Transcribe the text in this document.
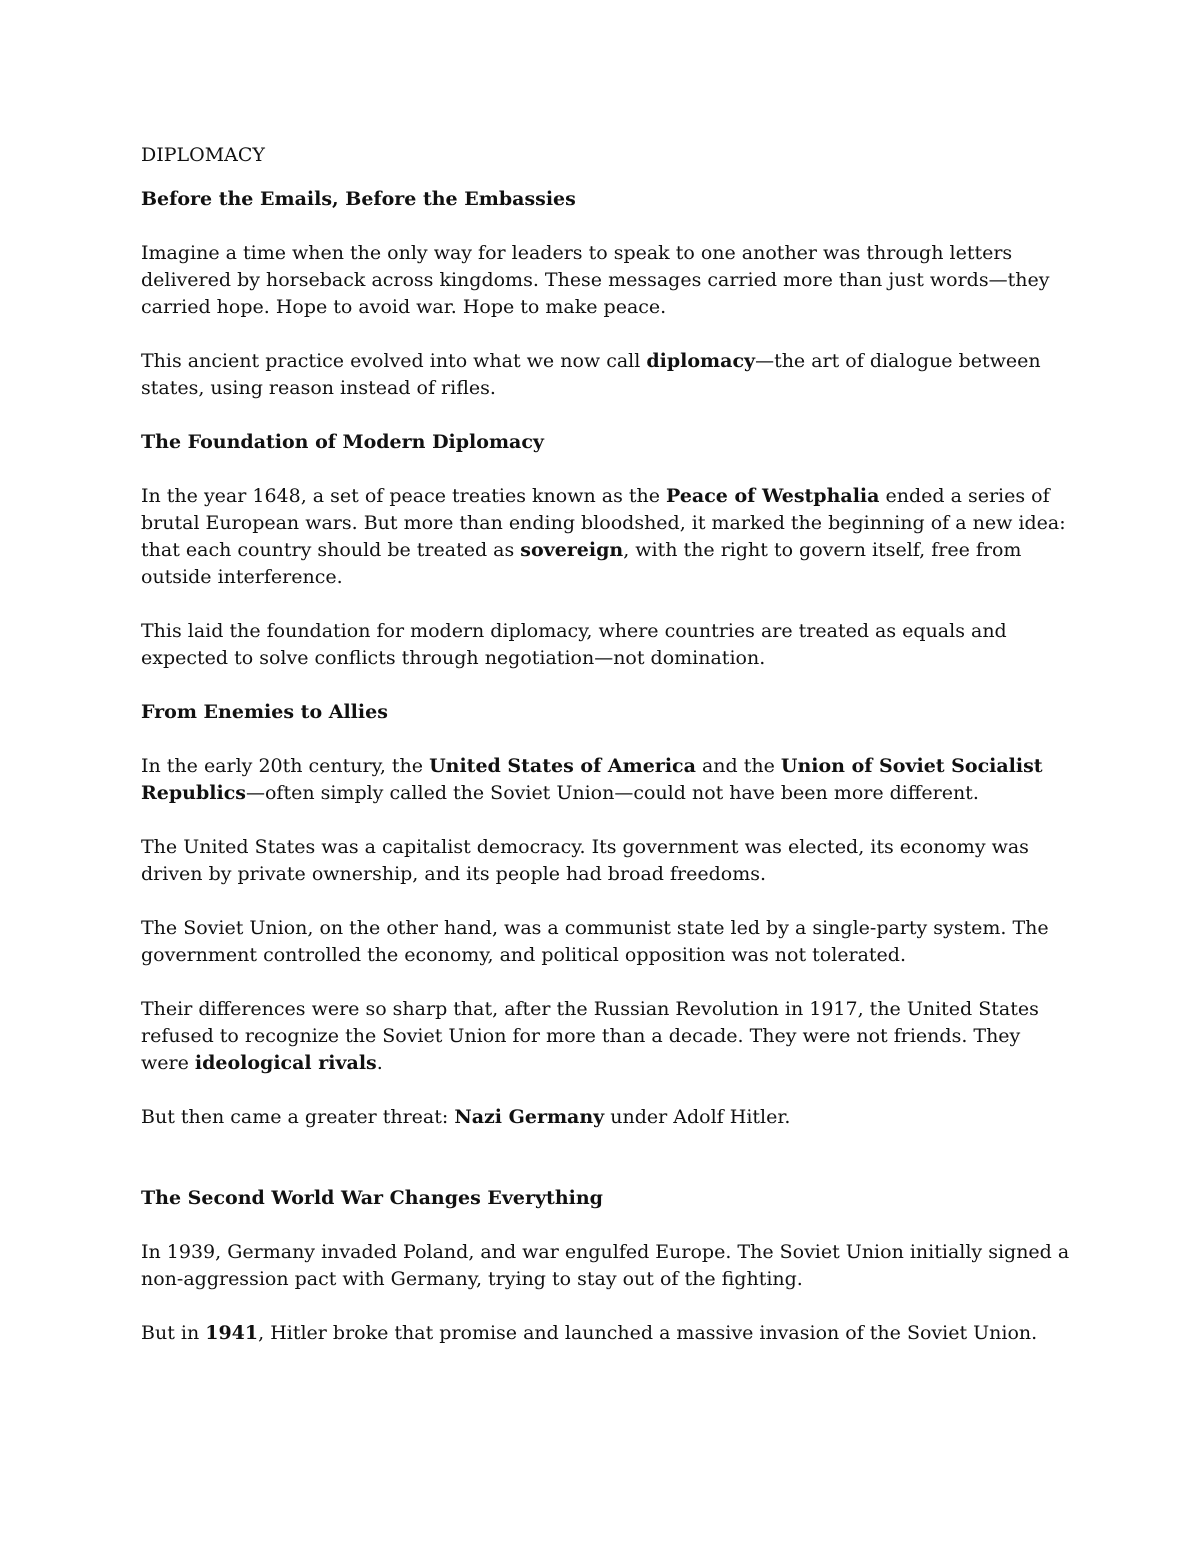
DIPLOMACY
Before the Emails, Before the Embassies
Imagine a time when the only way for leaders to speak to one another was through letters delivered by horseback across kingdoms. These messages carried more than just words—they carried hope. Hope to avoid war. Hope to make peace.
This ancient practice evolved into what we now call diplomacy—the art of dialogue between states, using reason instead of rifles.
The Foundation of Modern Diplomacy
In the year 1648, a set of peace treaties known as the Peace of Westphalia ended a series of brutal European wars. But more than ending bloodshed, it marked the beginning of a new idea: that each country should be treated as sovereign, with the right to govern itself, free from outside interference.
This laid the foundation for modern diplomacy, where countries are treated as equals and expected to solve conflicts through negotiation—not domination.
From Enemies to Allies
In the early 20th century, the United States of America and the Union of Soviet Socialist Republics—often simply called the Soviet Union—could not have been more different.
The United States was a capitalist democracy. Its government was elected, its economy was driven by private ownership, and its people had broad freedoms.
The Soviet Union, on the other hand, was a communist state led by a single-party system. The government controlled the economy, and political opposition was not tolerated.
Their differences were so sharp that, after the Russian Revolution in 1917, the United States refused to recognize the Soviet Union for more than a decade. They were not friends. They were ideological rivals.
But then came a greater threat: Nazi Germany under Adolf Hitler.
The Second World War Changes Everything
In 1939, Germany invaded Poland, and war engulfed Europe. The Soviet Union initially signed a non-aggression pact with Germany, trying to stay out of the fighting.
But in 1941, Hitler broke that promise and launched a massive invasion of the Soviet Union.
